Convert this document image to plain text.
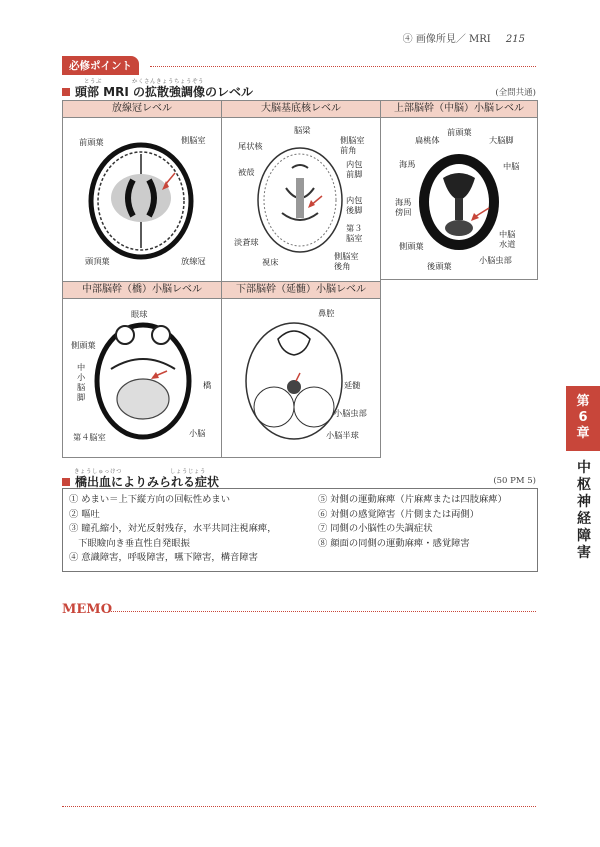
④ 画像所見／ MRI 215
必修ポイント
とうぶ　　　　　かくさんきょうちょうぞう
頭部 MRI の拡散強調像のレベル	(全問共通)
放線冠レベル
前頭葉	側脳室
頭頂葉	放線冠
大脳基底核レベル
脳梁
尾状核
側脳室
前角
被殻
内包
前脚
内包
後脚
淡蒼球
視床
第３
脳室
側脳室
後角
上部脳幹（中脳）小脳レベル
扁桃体
前頭葉
大脳脚
海馬	中脳
海馬
傍回
側頭葉
中脳
水道
後頭葉
小脳虫部
中部脳幹（橋）小脳レベル
眼球
側頭葉
中
小
脳
脚
橋
第４脳室	小脳
下部脳幹（延髄）小脳レベル
鼻腔
延髄
小脳虫部
小脳半球
きょうしゅっけつ　　　　　　　　しょうじょう
橋出血によりみられる症状	(50 PM 5)
① めまい＝上下縦方向の回転性めまい
② 嘔吐
③ 瞳孔縮小，対光反射残存，水平共同注視麻痺，
　下眼瞼向き垂直性自発眼振
④ 意識障害，呼吸障害，嚥下障害，構音障害
⑤ 対側の運動麻痺（片麻痺または四肢麻痺）
⑥ 対側の感覚障害（片側または両側）
⑦ 同側の小脳性の失調症状
⑧ 顔面の同側の運動麻痺・感覚障害
第
6
章
中
枢
神
経
障
害
MEMO
